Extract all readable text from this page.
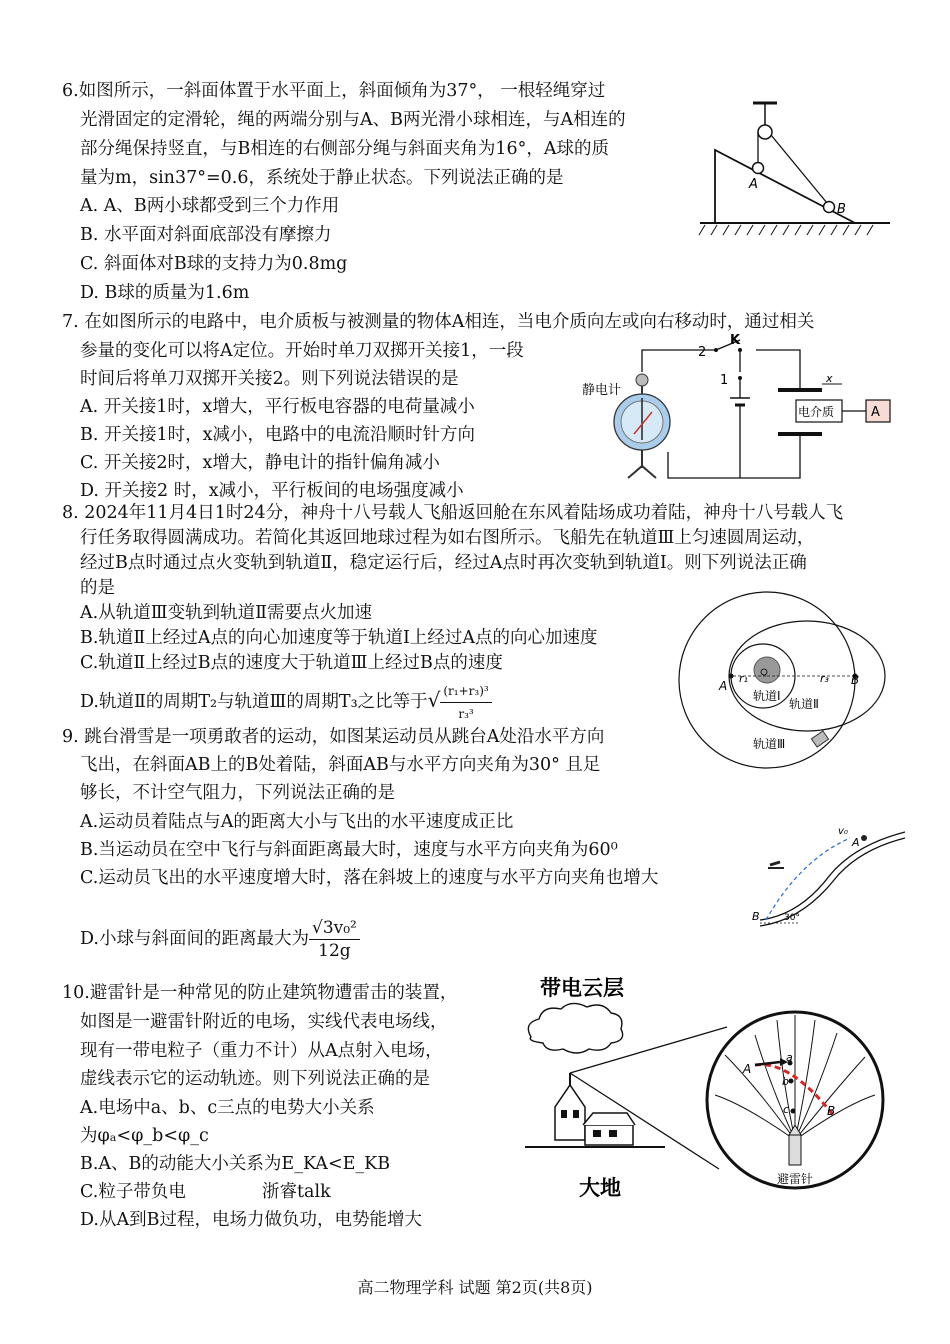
6.如图所示，一斜面体置于水平面上，斜面倾角为37°， 一根轻绳穿过
光滑固定的定滑轮，绳的两端分别与A、B两光滑小球相连，与A相连的
部分绳保持竖直，与B相连的右侧部分绳与斜面夹角为16°，A球的质
量为m，sin37°=0.6，系统处于静止状态。下列说法正确的是
A. A、B两小球都受到三个力作用
B. 水平面对斜面底部没有摩擦力
C. 斜面体对B球的支持力为0.8mg
D. B球的质量为1.6m
A
B
7. 在如图所示的电路中，电介质板与被测量的物体A相连，当电介质向左或向右移动时，通过相关
参量的变化可以将A定位。开始时单刀双掷开关接1，一段
时间后将单刀双掷开关接2。则下列说法错误的是
A. 开关接1时，x增大，平行板电容器的电荷量减小
B. 开关接1时，x减小，电路中的电流沿顺时针方向
C. 开关接2时，x增大，静电计的指针偏角减小
D. 开关接2 时，x减小，平行板间的电场强度减小
2
K
1
电介质	A
x
静电计
8. 2024年11月4日1时24分，神舟十八号载人飞船返回舱在东风着陆场成功着陆，神舟十八号载人飞
行任务取得圆满成功。若简化其返回地球过程为如右图所示。飞船先在轨道Ⅲ上匀速圆周运动，
经过B点时通过点火变轨到轨道Ⅱ，稳定运行后，经过A点时再次变轨到轨道Ⅰ。则下列说法正确
的是
A.从轨道Ⅲ变轨到轨道Ⅱ需要点火加速
B.轨道Ⅱ上经过A点的向心加速度等于轨道Ⅰ上经过A点的向心加速度
C.轨道Ⅱ上经过B点的速度大于轨道Ⅲ上经过B点的速度
D.轨道Ⅱ的周期T₂与轨道Ⅲ的周期T₃之比等于√ $\frac{\text{(r₁+r₃)³}}{\text{r₃³}}$	A	B
r₁	r₃
轨道Ⅰ
轨道Ⅱ
轨道Ⅲ
9. 跳台滑雪是一项勇敢者的运动，如图某运动员从跳台A处沿水平方向
飞出，在斜面AB上的B处着陆，斜面AB与水平方向夹角为30° 且足
够长，不计空气阻力，下列说法正确的是
A.运动员着陆点与A的距离大小与飞出的水平速度成正比
B.当运动员在空中飞行与斜面距离最大时，速度与水平方向夹角为60⁰
C.运动员飞出的水平速度增大时，落在斜坡上的速度与水平方向夹角也增大
D.小球与斜面间的距离最大为 $\frac{\text{√3v₀²}}{12g}$
v₀
A
B	30°
10.避雷针是一种常见的防止建筑物遭雷击的装置，
如图是一避雷针附近的电场，实线代表电场线，
现有一带电粒子（重力不计）从A点射入电场，
虚线表示它的运动轨迹。则下列说法正确的是
A.电场中a、b、c三点的电势大小关系
为φₐ<φ_b<φ_c
B.A、B的动能大小关系为E_KA<E_KB
C.粒子带负电	浙睿talk
D.从A到B过程，电场力做负功，电势能增大
带电云层
大地
A
B
a
b
c
避雷针
高二物理学科 试题 第2页(共8页)
